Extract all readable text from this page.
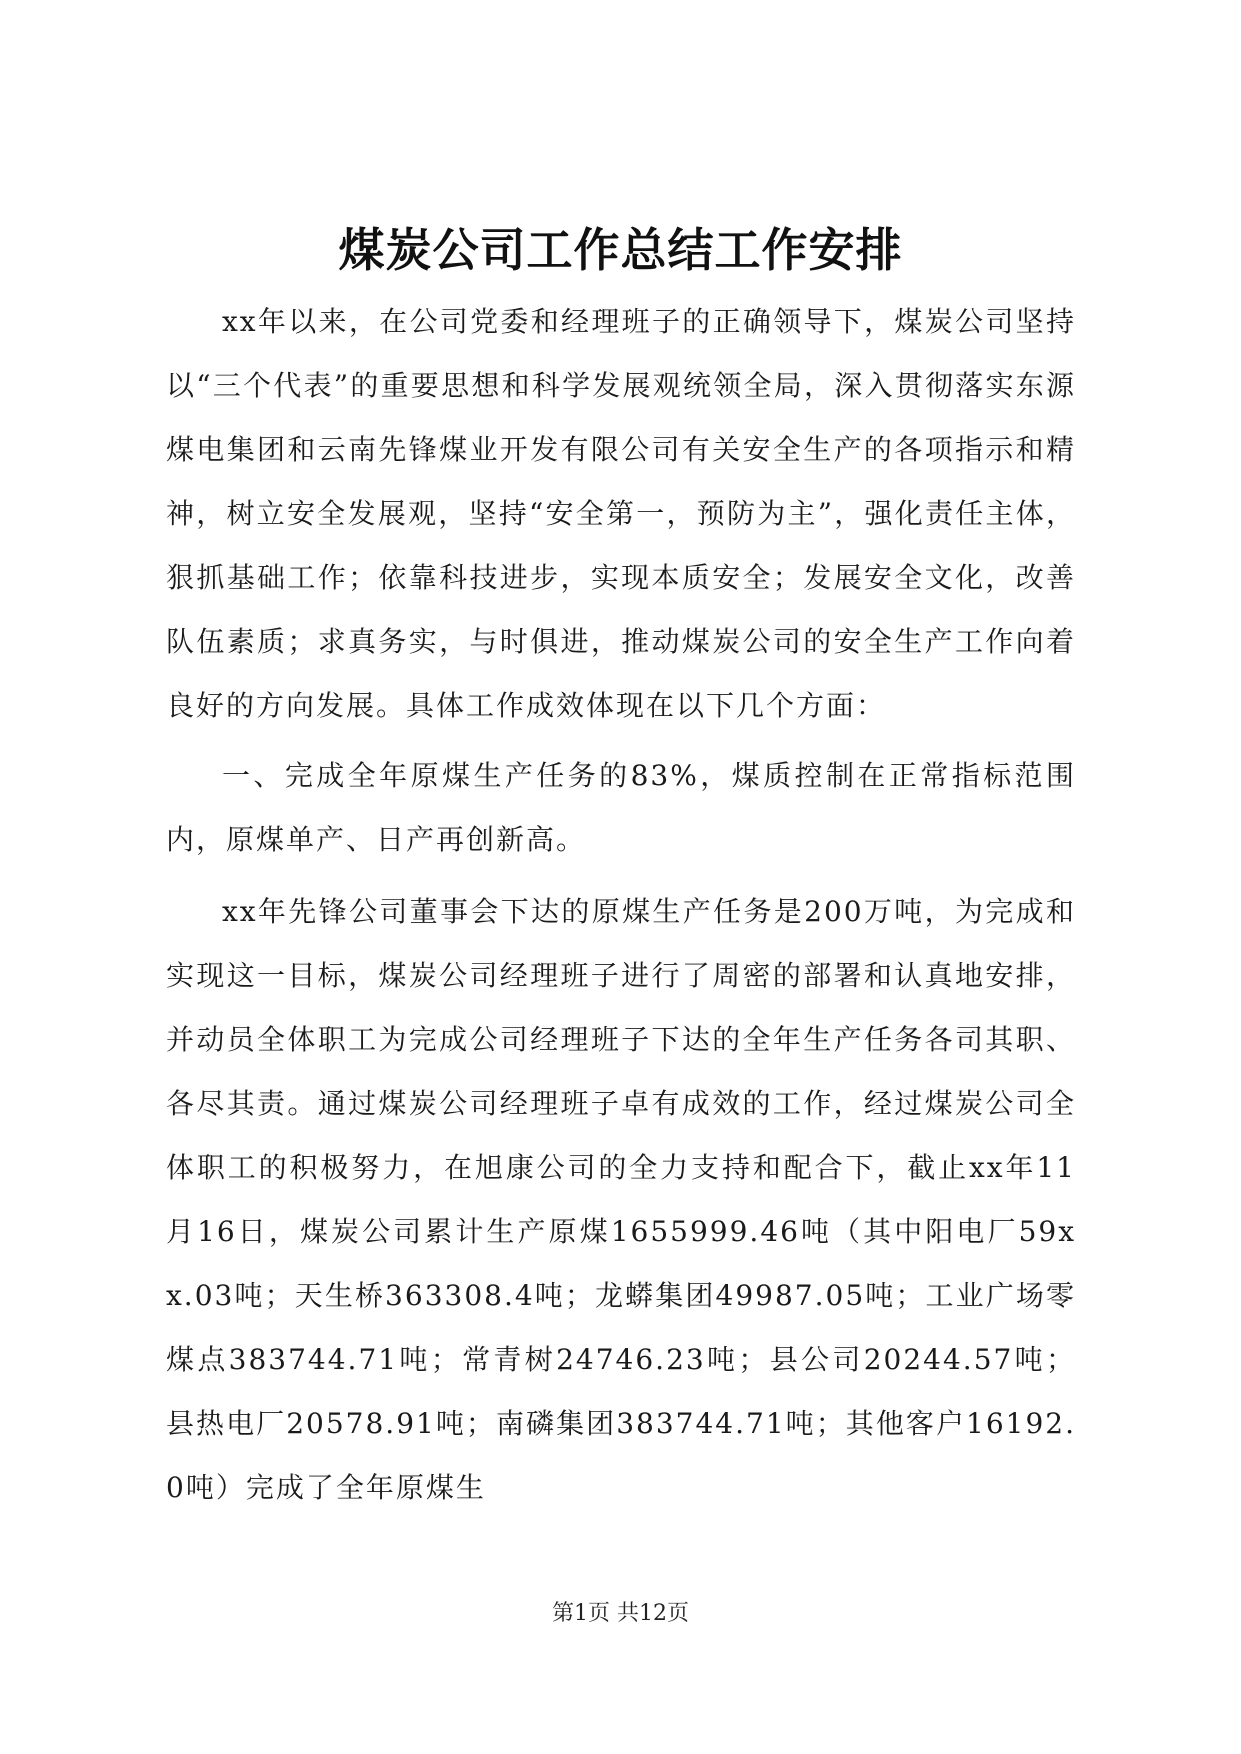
煤炭公司工作总结工作安排

xx年以来，在公司党委和经理班子的正确领导下，煤炭公司坚持以“三个代表”的重要思想和科学发展观统领全局，深入贯彻落实东源煤电集团和云南先锋煤业开发有限公司有关安全生产的各项指示和精神，树立安全发展观，坚持“安全第一，预防为主”，强化责任主体，狠抓基础工作；依靠科技进步，实现本质安全；发展安全文化，改善队伍素质；求真务实，与时俱进，推动煤炭公司的安全生产工作向着良好的方向发展。具体工作成效体现在以下几个方面：

一、完成全年原煤生产任务的83%，煤质控制在正常指标范围内，原煤单产、日产再创新高。

xx年先锋公司董事会下达的原煤生产任务是200万吨，为完成和实现这一目标，煤炭公司经理班子进行了周密的部署和认真地安排，并动员全体职工为完成公司经理班子下达的全年生产任务各司其职、各尽其责。通过煤炭公司经理班子卓有成效的工作，经过煤炭公司全体职工的积极努力，在旭康公司的全力支持和配合下，截止xx年11月16日，煤炭公司累计生产原煤1655999.46吨（其中阳电厂59xx.03吨；天生桥363308.4吨；龙蟒集团49987.05吨；工业广场零煤点383744.71吨；常青树24746.23吨；县公司20244.57吨；县热电厂20578.91吨；南磷集团383744.71吨；其他客户16192.0吨）完成了全年原煤生

第1页 共12页
